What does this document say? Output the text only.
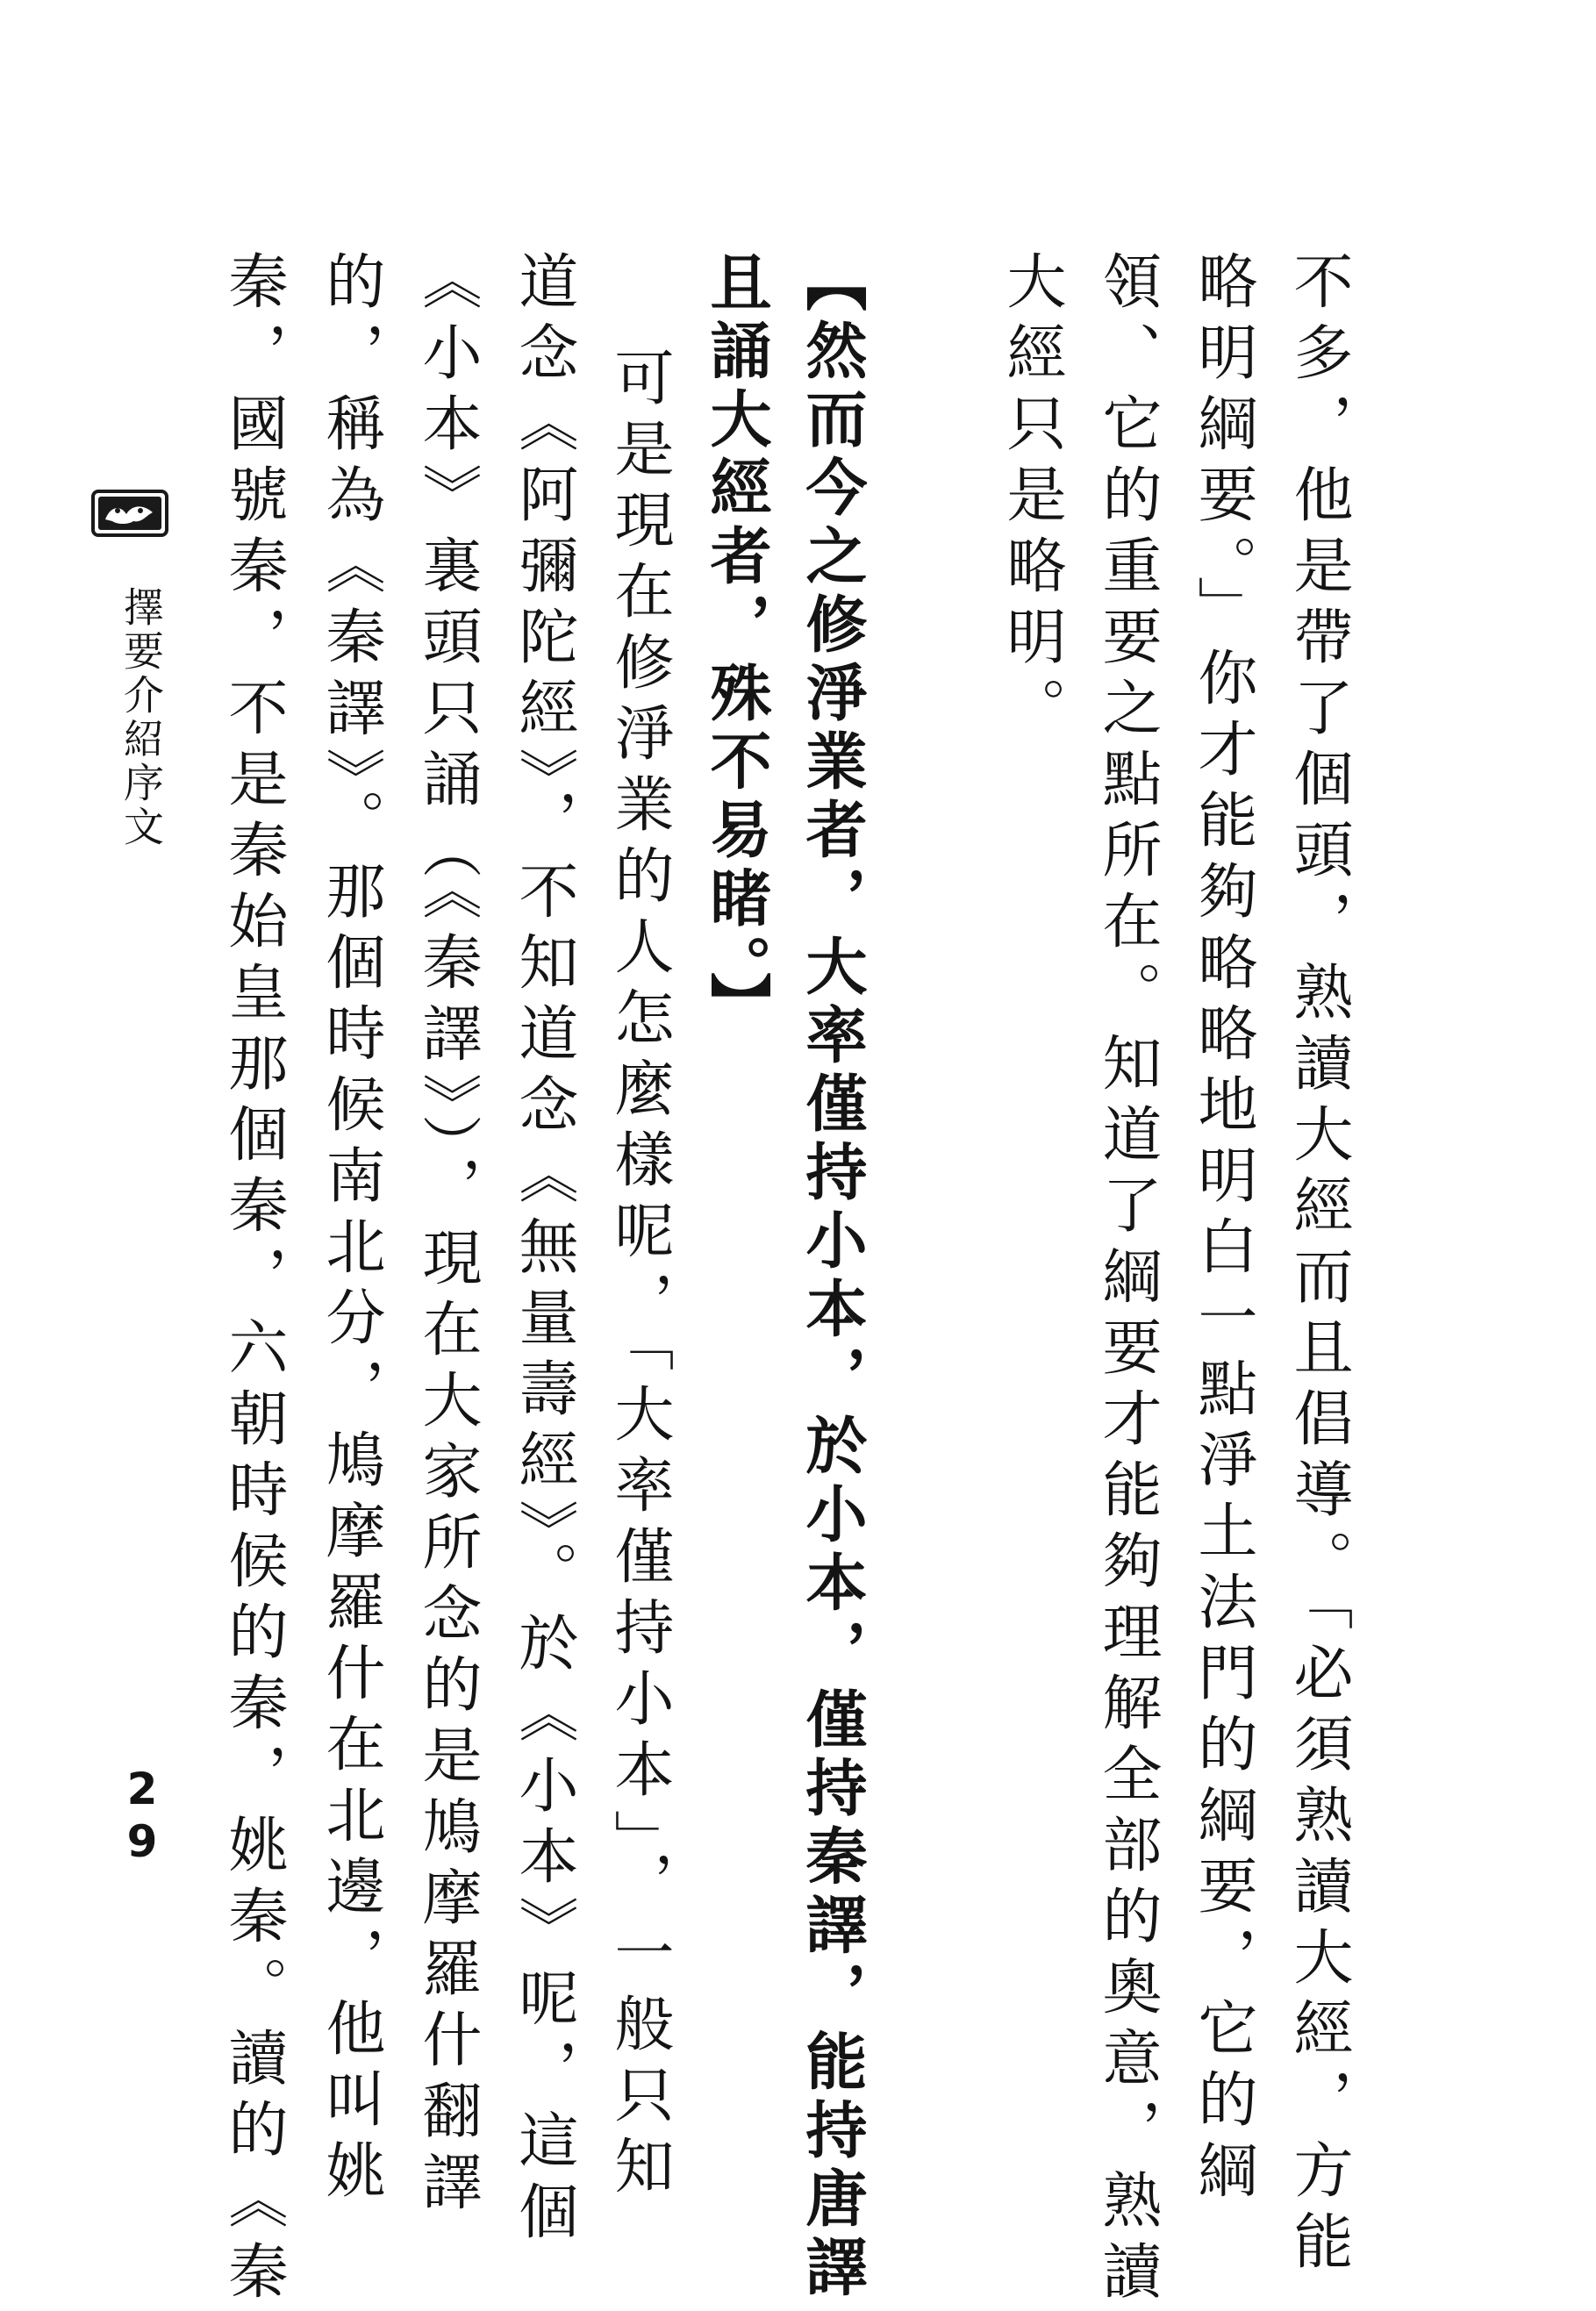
不多，他是帶了個頭，熟讀大經而且倡導。「必須熟讀大經，方能

略明綱要。」你才能夠略略地明白一點淨土法門的綱要，它的綱

領、它的重要之點所在。知道了綱要才能夠理解全部的奧意，熟讀

大經只是略明。

【然而今之修淨業者，大率僅持小本，於小本，僅持秦譯，能持唐譯

且誦大經者，殊不易睹。】

可是現在修淨業的人怎麼樣呢，「大率僅持小本」，一般只知

道念《阿彌陀經》，不知道念《無量壽經》。於《小本》呢，這個

《小本》裏頭只誦（《秦譯》），現在大家所念的是鳩摩羅什翻譯

的，稱為《秦譯》。那個時候南北分，鳩摩羅什在北邊，他叫姚

秦，國號秦，不是秦始皇那個秦，六朝時候的秦，姚秦。讀的《秦

擇要介紹序文

29
